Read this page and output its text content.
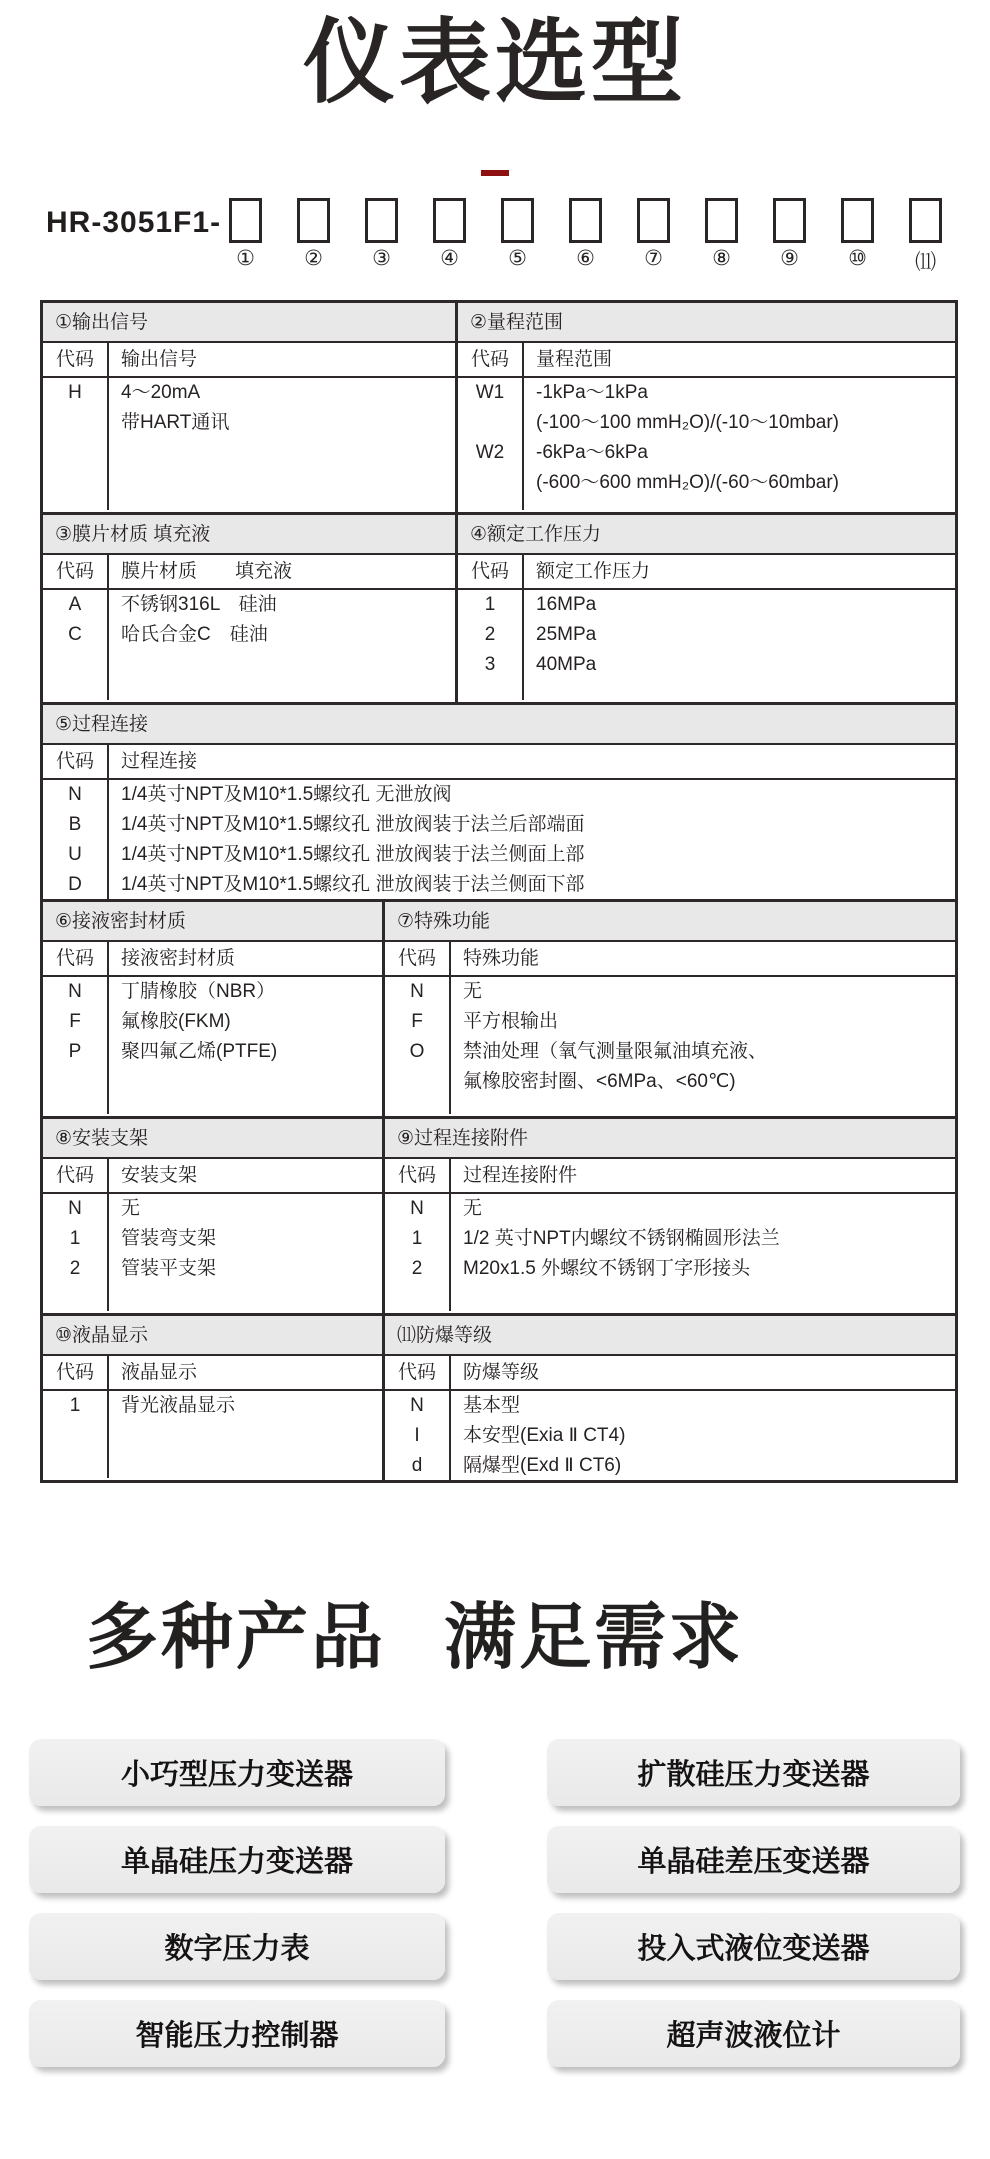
仪表选型
HR-3051F1-
① ② ③ ④ ⑤ ⑥ ⑦ ⑧ ⑨ ⑩ ⑾
①输出信号
代码	输出信号
H	4～20mA
带HART通讯
②量程范围
代码	量程范围
W1	-1kPa～1kPa
(-100～100 mmH₂O)/(-10～10mbar)
W2	-6kPa～6kPa
(-600～600 mmH₂O)/(-60～60mbar)
③膜片材质 填充液
代码	膜片材质　　填充液
A	不锈钢316L　硅油
C	哈氏合金C　硅油
④额定工作压力
代码	额定工作压力
1	16MPa
2	25MPa
3	40MPa
⑤过程连接
代码	过程连接
N	1/4英寸NPT及M10*1.5螺纹孔 无泄放阀
B	1/4英寸NPT及M10*1.5螺纹孔 泄放阀装于法兰后部端面
U	1/4英寸NPT及M10*1.5螺纹孔 泄放阀装于法兰侧面上部
D	1/4英寸NPT及M10*1.5螺纹孔 泄放阀装于法兰侧面下部
⑥接液密封材质
代码	接液密封材质
N	丁腈橡胶（NBR）
F	氟橡胶(FKM)
P	聚四氟乙烯(PTFE)
⑦特殊功能
代码	特殊功能
N	无
F	平方根输出
O	禁油处理（氧气测量限氟油填充液、
氟橡胶密封圈、<6MPa、<60℃)
⑧安装支架
代码	安装支架
N	无
1	管装弯支架
2	管装平支架
⑨过程连接附件
代码	过程连接附件
N	无
1	1/2 英寸NPT内螺纹不锈钢椭圆形法兰
2	M20x1.5 外螺纹不锈钢丁字形接头
⑩液晶显示
代码	液晶显示
1	背光液晶显示
⑾防爆等级
代码	防爆等级
N	基本型
I	本安型(Exia Ⅱ CT4)
d	隔爆型(Exd Ⅱ CT6)
多种产品 满足需求
小巧型压力变送器	扩散硅压力变送器
单晶硅压力变送器	单晶硅差压变送器
数字压力表	投入式液位变送器
智能压力控制器	超声波液位计
